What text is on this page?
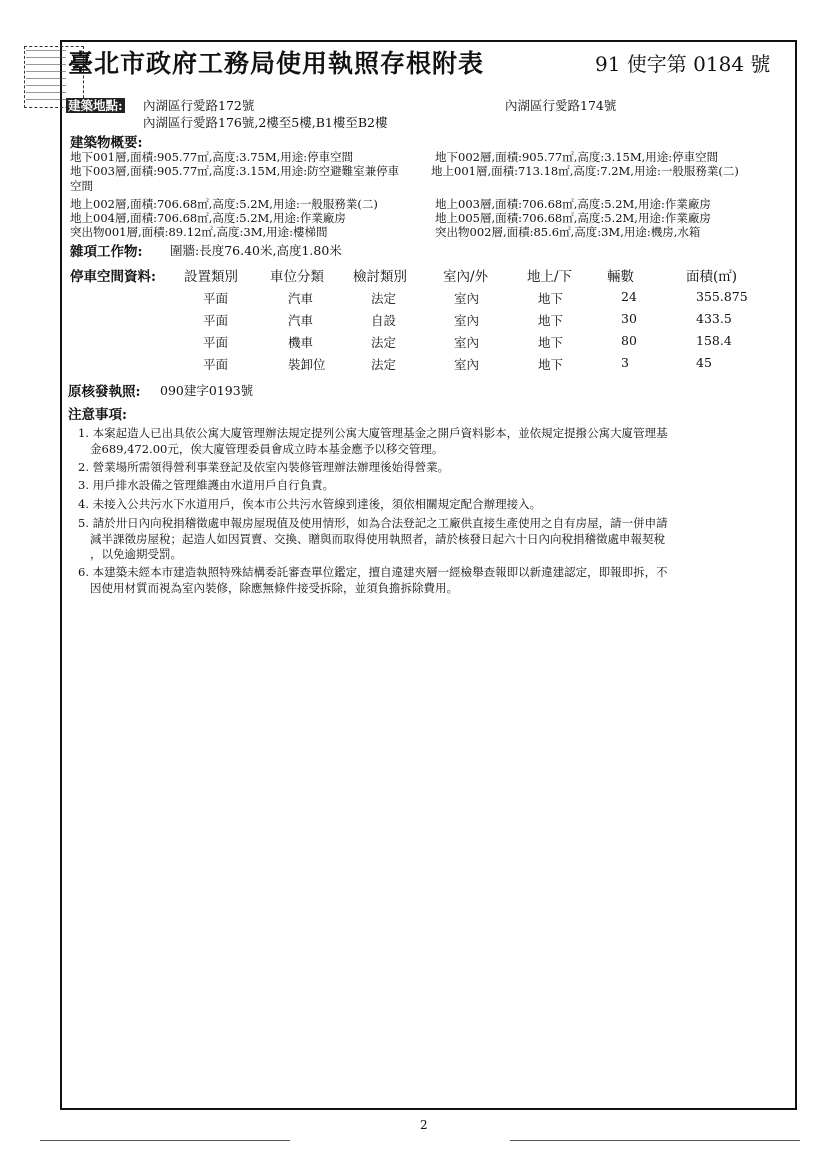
臺北市政府工務局使用執照存根附表	91 使字第 0184 號
建築地點: 內湖區行愛路172號	內湖區行愛路174號
內湖區行愛路176號,2樓至5樓,B1樓至B2樓
建築物概要:
地下001層,面積:905.77㎡,高度:3.75M,用途:停車空間	地下002層,面積:905.77㎡,高度:3.15M,用途:停車空間
地下003層,面積:905.77㎡,高度:3.15M,用途:防空避難室兼停車	地上001層,面積:713.18㎡,高度:7.2M,用途:一般服務業(二)
空間
地上002層,面積:706.68㎡,高度:5.2M,用途:一般服務業(二)	地上003層,面積:706.68㎡,高度:5.2M,用途:作業廠房
地上004層,面積:706.68㎡,高度:5.2M,用途:作業廠房	地上005層,面積:706.68㎡,高度:5.2M,用途:作業廠房
突出物001層,面積:89.12㎡,高度:3M,用途:樓梯間	突出物002層,面積:85.6㎡,高度:3M,用途:機房,水箱
雜項工作物: 圍牆:長度76.40米,高度1.80米
停車空間資料: 設置類別 車位分類 檢討類別	室內/外	地上/下	輛數	面積(㎡)
平面	汽車	法定	室內	地下	24	355.875
平面	汽車	自設	室內	地下	30	433.5
平面	機車	法定	室內	地下	80	158.4
平面	裝卸位	法定	室內	地下	3	45
原核發執照: 090建字0193號
注意事項:
1. 本案起造人已出具依公寓大廈管理辦法規定提列公寓大廈管理基金之開戶資料影本，並依規定提撥公寓大廈管理基
金689,472.00元，俟大廈管理委員會成立時本基金應予以移交管理。
2. 營業場所需領得營利事業登記及依室內裝修管理辦法辦理後始得營業。
3. 用戶排水設備之管理維護由水道用戶自行負責。
4. 未接入公共污水下水道用戶，俟本市公共污水管線到達後，須依相關規定配合辦理接入。
5. 請於卅日內向稅捐稽徵處申報房屋現值及使用情形，如為合法登記之工廠供直接生產使用之自有房屋，請一併申請
減半課徵房屋稅；起造人如因買賣、交換、贈與而取得使用執照者，請於核發日起六十日內向稅捐稽徵處申報契稅
，以免逾期受罰。
6. 本建築未經本市建造執照特殊結構委託審查單位鑑定，擅自違建夾層一經檢舉查報即以新違建認定，即報即拆，不
因使用材質而視為室內裝修，除應無條件接受拆除，並須負擔拆除費用。
2
